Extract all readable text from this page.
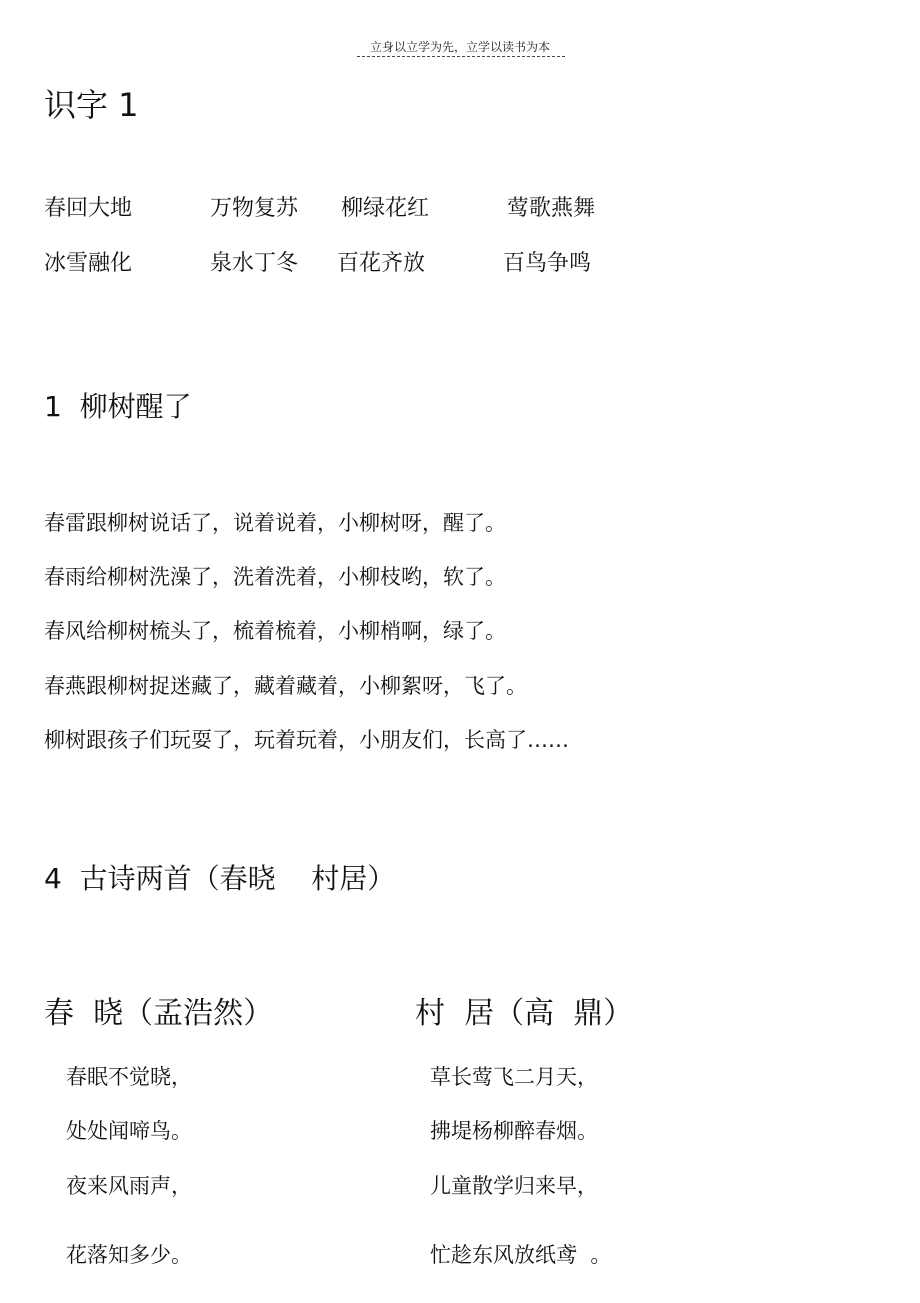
立身以立学为先，立学以读书为本
识字 1
春回大地	万物复苏 柳绿花红	莺歌燕舞
冰雪融化	泉水丁冬 百花齐放	百鸟争鸣
1  柳树醒了
春雷跟柳树说话了，说着说着，小柳树呀，醒了。
春雨给柳树洗澡了，洗着洗着，小柳枝哟，软了。
春风给柳树梳头了，梳着梳着，小柳梢啊，绿了。
春燕跟柳树捉迷藏了，藏着藏着，小柳絮呀，飞了。
柳树跟孩子们玩耍了，玩着玩着，小朋友们，长高了……
4  古诗两首（春晓    村居）
春  晓（孟浩然）	村  居（高  鼎）
春眠不觉晓，
处处闻啼鸟。
夜来风雨声，
花落知多少。
草长莺飞二月天，
拂堤杨柳醉春烟。
儿童散学归来早，
忙趁东风放纸鸢  。
